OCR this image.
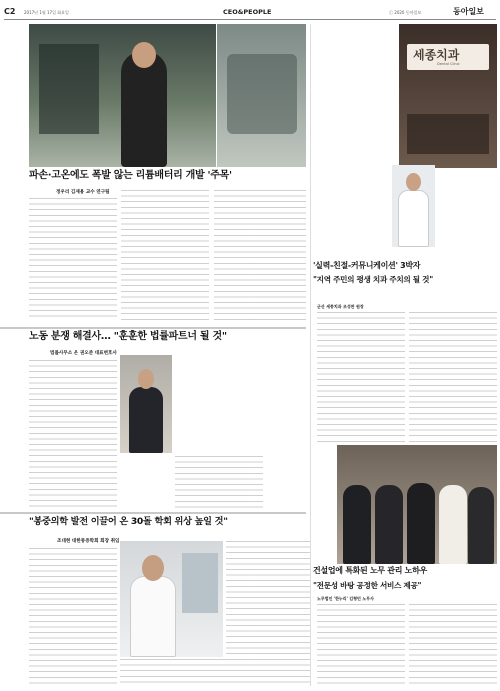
C2 2017년 1월 17일 화요일	CEO&PEOPLE	ⓒ 2020 동아일보	동아일보
파손·고온에도 폭발 않는 리튬배터리 개발 '주목'
정우리 김재용 교수 연구팀
세종치과
Dental Clinic
'실력-친절-커뮤니케이션' 3박자
"지역 주민의 평생 치과 주치의 될 것"
군산 세종치과 조성완 원장
노동 분쟁 해결사… "훈훈한 법률파트너 될 것"
법률사무소 온 권오준 대표변호사
"봉중의학 발전 이끌어 온 30돌 학회 위상 높일 것"
조대현 대한통증학회 회장 취임
건설업에 특화된 노무 관리 노하우
"전문성 바탕 공정한 서비스 제공"
노무법인 '한누리' 김형민 노무사
